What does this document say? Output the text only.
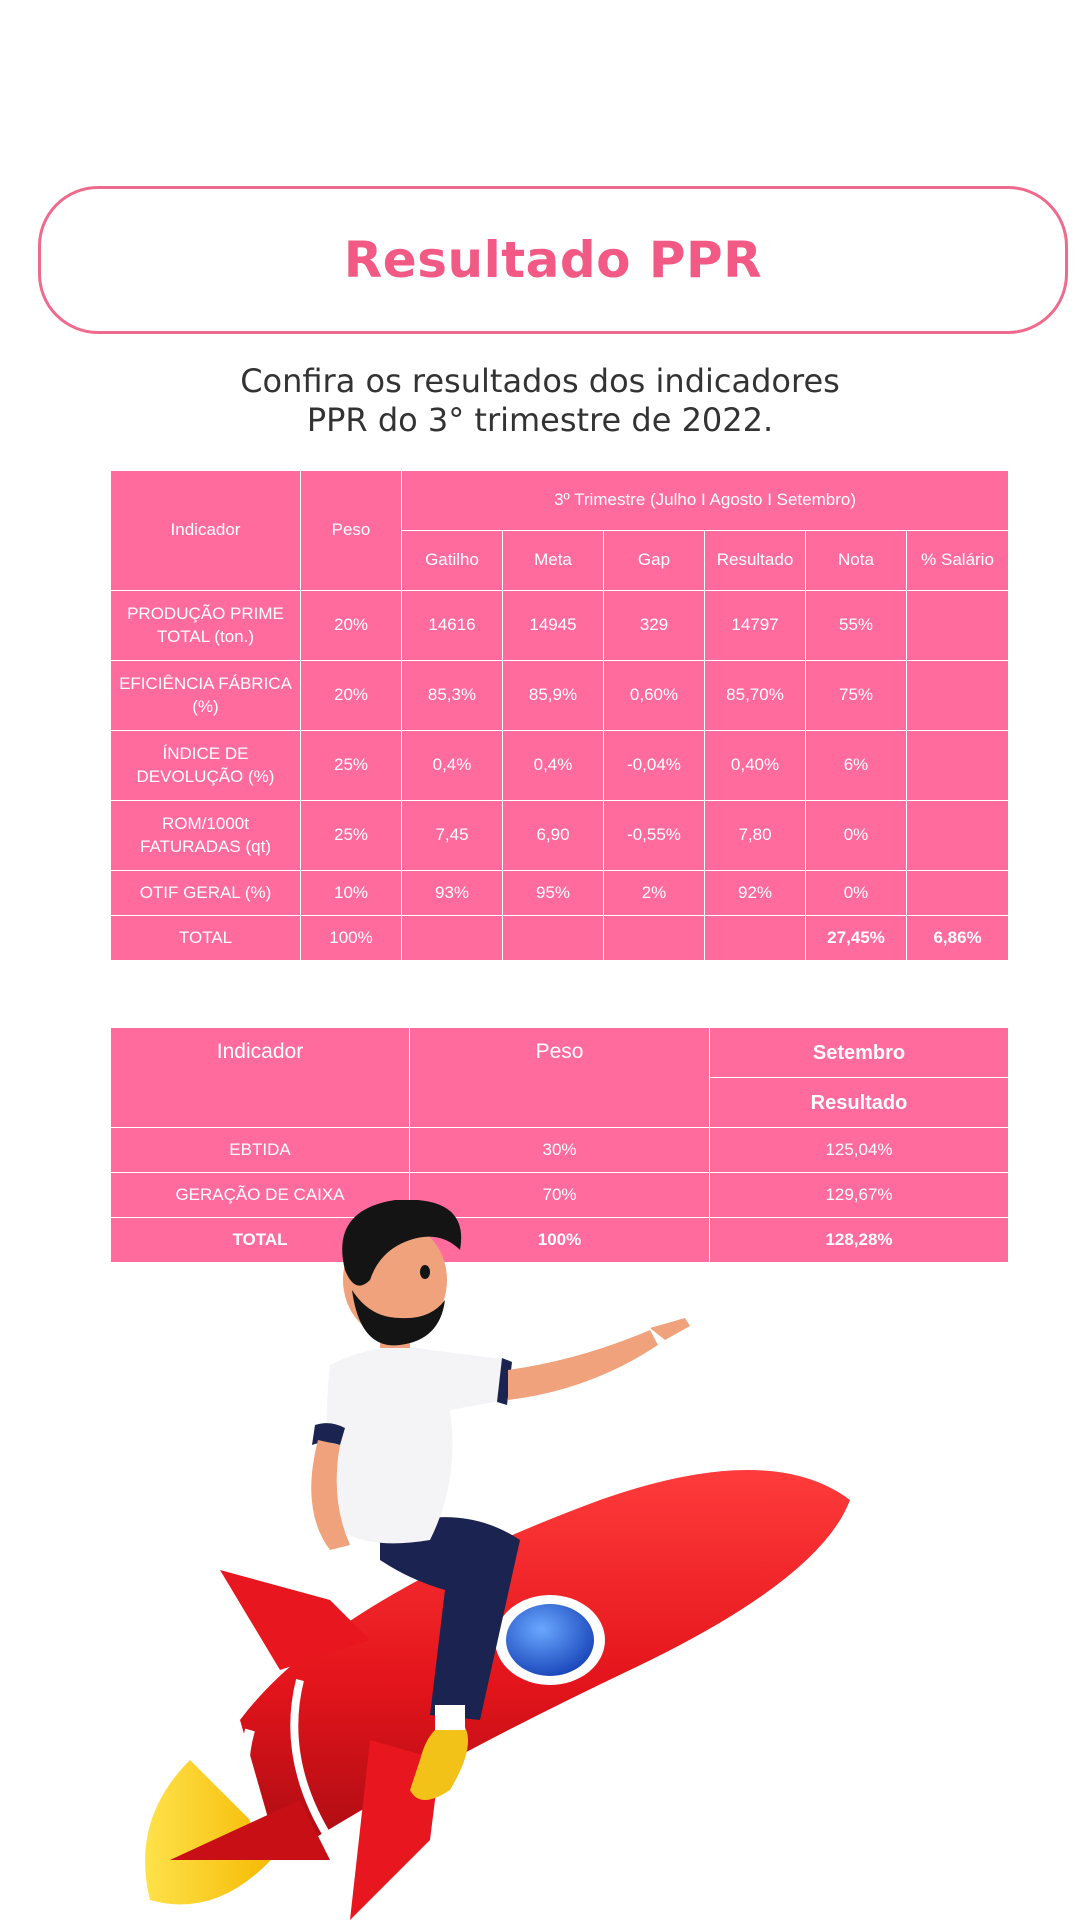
Resultado PPR
Confira os resultados dos indicadores
PPR do 3° trimestre de 2022.
Indicador	Peso	3º Trimestre (Julho I Agosto I Setembro)					
		Gatilho	Meta	Gap	Resultado	Nota	% Salário

PRODUÇÃO PRIME
TOTAL (ton.)	20%	14616	14945	329	14797	55%	

EFICIÊNCIA FÁBRICA
(%)	20%	85,3%	85,9%	0,60%	85,70%	75%	

ÍNDICE DE
DEVOLUÇÃO (%)	25%	0,4%	0,4%	-0,04%	0,40%	6%	

ROM/1000t
FATURADAS (qt)	25%	7,45	6,90	-0,55%	7,80	0%	
OTIF GERAL (%)	10%	93%	95%	2%	92%	0%	
TOTAL	100%					27,45%	6,86%
Indicador	Peso	Setembro
		Resultado
EBTIDA	30%	125,04%
GERAÇÃO DE CAIXA	70%	129,67%
TOTAL	100%	128,28%
